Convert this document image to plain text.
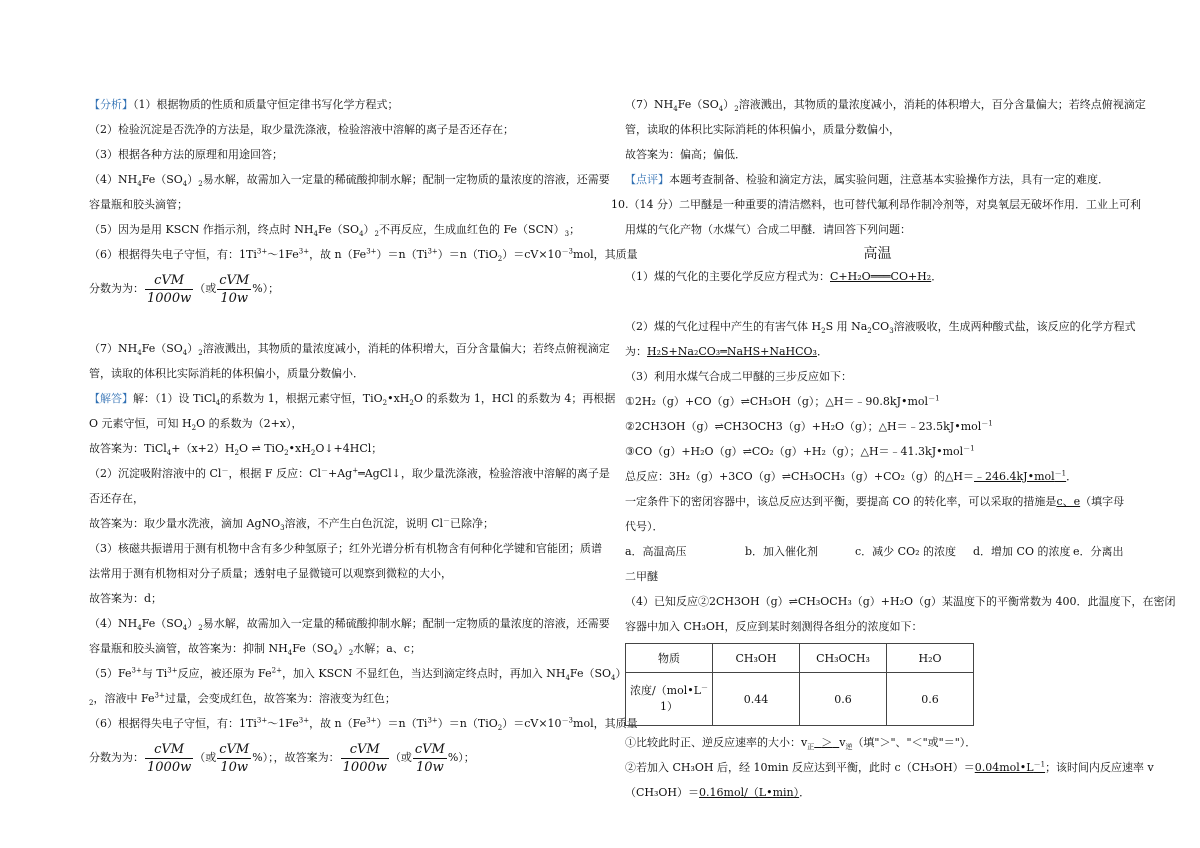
【分析】（1）根据物质的性质和质量守恒定律书写化学方程式；
（2）检验沉淀是否洗净的方法是，取少量洗涤液，检验溶液中溶解的离子是否还存在；
（3）根据各种方法的原理和用途回答；
$(4)NH_4Fe(SO_4)_2$易水解，故需加入一定量的稀硫酸抑制水解；配制一定物质的量浓度的溶液，还需要
容量瓶和胶头滴管；
（5）因为是用 KSCN 作指示剂，终点时 $NH_4Fe(SO_4)_2$不再反应，生成血红色的 $Fe(SCN)_3$；
（6）根据得失电子守恒，有：$1Ti^{3+}\sim 1Fe^{3+}$，故 $n(Fe^{3+})=n(Ti^{3+})=n(TiO_2)=cV\times 10^{-3}mol$，其质量
分数为为： $\frac{\text{cVM}}{1000w}$ （或 $\frac{\text{cVM}}{10w}$ %）；
$(7)NH_4Fe(SO_4)_2$溶液溅出，其物质的量浓度减小，消耗的体积增大，百分含量偏大；若终点俯视滴定
管，读取的体积比实际消耗的体积偏小，质量分数偏小．
【解答】解：（1）设 TiCl$_4$的系数为 1，根据元素守恒，$TiO_2•xH_2O$ 的系数为 1，HCl 的系数为 4；再根据
O 元素守恒，可知 $H_2O$ 的系数为（2+x），
故答案为：$TiCl_4+(x+2)H_2O$ ⇌ $TiO_2•xH_2O↓+4HCl$；
（2）沉淀吸附溶液中的 Cl－，根据 F 反应：Cl－+Ag+═AgCl↓，取少量洗涤液，检验溶液中溶解的离子是
否还存在，
故答案为：取少量水洗液，滴加 AgNO$_3$溶液，不产生白色沉淀，说明 Cl－已除净；
（3）核磁共振谱用于测有机物中含有多少种氢原子；红外光谱分析有机物含有何种化学键和官能团；质谱
法常用于测有机物相对分子质量；透射电子显微镜可以观察到微粒的大小，
故答案为：d；
$(4)NH_4Fe(SO_4)_2$易水解，故需加入一定量的稀硫酸抑制水解；配制一定物质的量浓度的溶液，还需要
容量瓶和胶头滴管，故答案为：抑制 $NH_4Fe(SO_4)_2$水解；a、c；
$(5)Fe^{3+}$与 $Ti^{3+}$反应，被还原为 $Fe^{2+}$，加入 KSCN 不显红色，当达到滴定终点时，再加入 $NH_4Fe(SO_4)$
$_2$，溶液中 $Fe^{3+}$过量，会变成红色，故答案为：溶液变为红色；
（6）根据得失电子守恒，有：$1Ti^{3+}\sim 1Fe^{3+}$，故 $n(Fe^{3+})=n(Ti^{3+})=n(TiO_2)=cV\times 10^{-3}mol$，其质量
分数为为： $\frac{\text{cVM}}{1000w}$ （或 $\frac{\text{cVM}}{10w}$ %）；，故答案为： $\frac{\text{cVM}}{1000w}$ （或 $\frac{\text{cVM}}{10w}$ %）；
$(7)NH_4Fe(SO_4)_2$溶液溅出，其物质的量浓度减小，消耗的体积增大，百分含量偏大；若终点俯视滴定
管，读取的体积比实际消耗的体积偏小，质量分数偏小，
故答案为：偏高；偏低．
【点评】本题考查制备、检验和滴定方法，属实验问题，注意基本实验操作方法，具有一定的难度．
10.（14 分）二甲醚是一种重要的清洁燃料，也可替代氟利昂作制冷剂等，对臭氧层无破坏作用．工业上可利
用煤的气化产物（水煤气）合成二甲醚．请回答下列问题：
高温
（1）煤的气化的主要化学反应方程式为：C+H₂O═══CO+H₂．
（2）煤的气化过程中产生的有害气体 $H_2S$ 用 $Na_2CO_3$溶液吸收，生成两种酸式盐，该反应的化学方程式
为：H₂S+Na₂CO₃═NaHS+NaHCO₃．
（3）利用水煤气合成二甲醚的三步反应如下：
①2H₂（g）+CO（g）⇌CH₃OH（g）；△H＝﹣90.8kJ•mol$^{-1}$
②2CH3OH（g）⇌CH3OCH3（g）+H₂O（g）；△H＝﹣23.5kJ•mol$^{-1}$
③CO（g）+H₂O（g）⇌CO₂（g）+H₂（g）；△H＝﹣41.3kJ•mol$^{-1}$
总反应：3H₂（g）+3CO（g）⇌CH₃OCH₃（g）+CO₂（g）的△H＝﹣246.4kJ•mol$^{-1}$．
一定条件下的密闭容器中，该总反应达到平衡，要提高 CO 的转化率，可以采取的措施是c、e（填字母
代号）．
a．高温高压	b．加入催化剂	c．减少 CO₂ 的浓度 d．增加 CO 的浓度 e．分离出
二甲醚
（4）已知反应②2CH3OH（g）⇌CH₃OCH₃（g）+H₂O（g）某温度下的平衡常数为 400．此温度下，在密闭
容器中加入 CH₃OH，反应到某时刻测得各组分的浓度如下：
物质	CH₃OH	CH₃OCH₃	H₂O
浓度/（mol•L－
1）	0.44	0.6	0.6
①比较此时正、逆反应速率的大小：$v_正 > v_逆$（填"＞"、"＜"或"＝"）．
②若加入 CH₃OH 后，经 10min 反应达到平衡，此时 $c(CH_3OH)=0.04mol•L^{-1}$；该时间内反应速率 v
（CH₃OH）＝0.16mol/（L•min）．
